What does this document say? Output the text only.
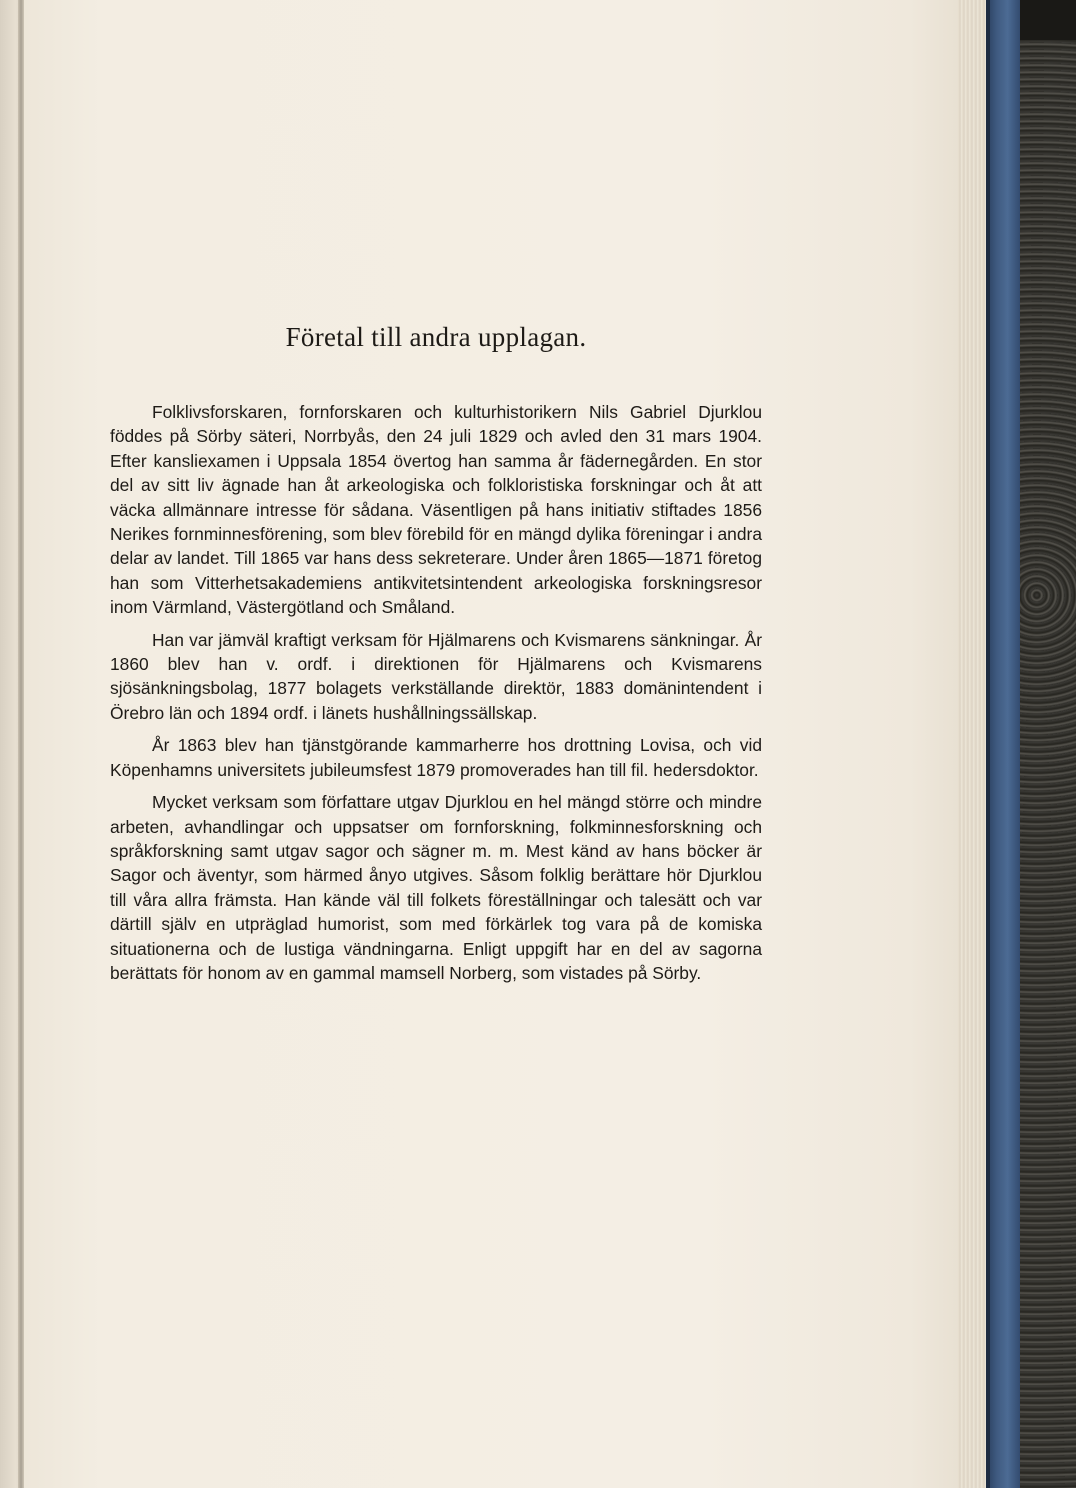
Företal till andra upplagan.

Folklivsforskaren, fornforskaren och kulturhistorikern Nils Gabriel Djurklou föddes på Sörby säteri, Norrbyås, den 24 juli 1829 och avled den 31 mars 1904. Efter kansliexamen i Uppsala 1854 övertog han samma år fädernegården. En stor del av sitt liv ägnade han åt arkeologiska och folkloristiska forskningar och åt att väcka allmännare intresse för sådana. Väsentligen på hans initiativ stiftades 1856 Nerikes fornminnesförening, som blev förebild för en mängd dylika föreningar i andra delar av landet. Till 1865 var hans dess sekreterare. Under åren 1865—1871 företog han som Vitterhetsakademiens antikvitetsintendent arkeologiska forskningsresor inom Värmland, Västergötland och Småland.

Han var jämväl kraftigt verksam för Hjälmarens och Kvismarens sänkningar. År 1860 blev han v. ordf. i direktionen för Hjälmarens och Kvismarens sjösänkningsbolag, 1877 bolagets verkställande direktör, 1883 domänintendent i Örebro län och 1894 ordf. i länets hushållningssällskap.

År 1863 blev han tjänstgörande kammarherre hos drottning Lovisa, och vid Köpenhamns universitets jubileumsfest 1879 promoverades han till fil. hedersdoktor.

Mycket verksam som författare utgav Djurklou en hel mängd större och mindre arbeten, avhandlingar och uppsatser om fornforskning, folkminnesforskning och språkforskning samt utgav sagor och sägner m. m. Mest känd av hans böcker är Sagor och äventyr, som härmed ånyo utgives. Såsom folklig berättare hör Djurklou till våra allra främsta. Han kände väl till folkets föreställningar och talesätt och var därtill själv en utpräglad humorist, som med förkärlek tog vara på de komiska situationerna och de lustiga vändningarna. Enligt uppgift har en del av sagorna berättats för honom av en gammal mamsell Norberg, som vistades på Sörby.
